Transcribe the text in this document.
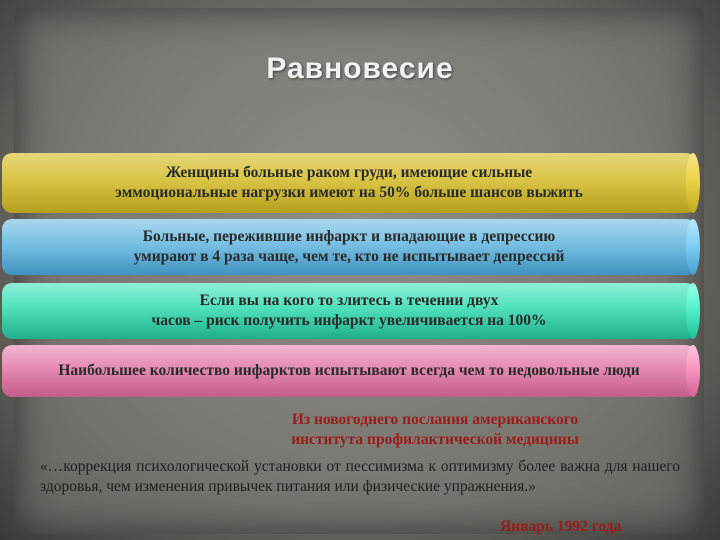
Равновесие
Женщины больные раком груди, имеющие сильные
эммоциональные нагрузки имеют на 50% больше шансов выжить
Больные, пережившие инфаркт и впадающие в депрессию
умирают в 4 раза чаще, чем те, кто не испытывает депрессий
Если вы на кого то злитесь в течении двух
часов – риск получить инфаркт увеличивается на 100%
Наибольшее количество инфарктов испытывают всегда чем то недовольные люди
Из новогоднего послания американского
института профилактической медицины
«…коррекция психологической установки от пессимизма к оптимизму более важна для нашего здоровья, чем изменения привычек питания или физические упражнения.»
Январь 1992 года
